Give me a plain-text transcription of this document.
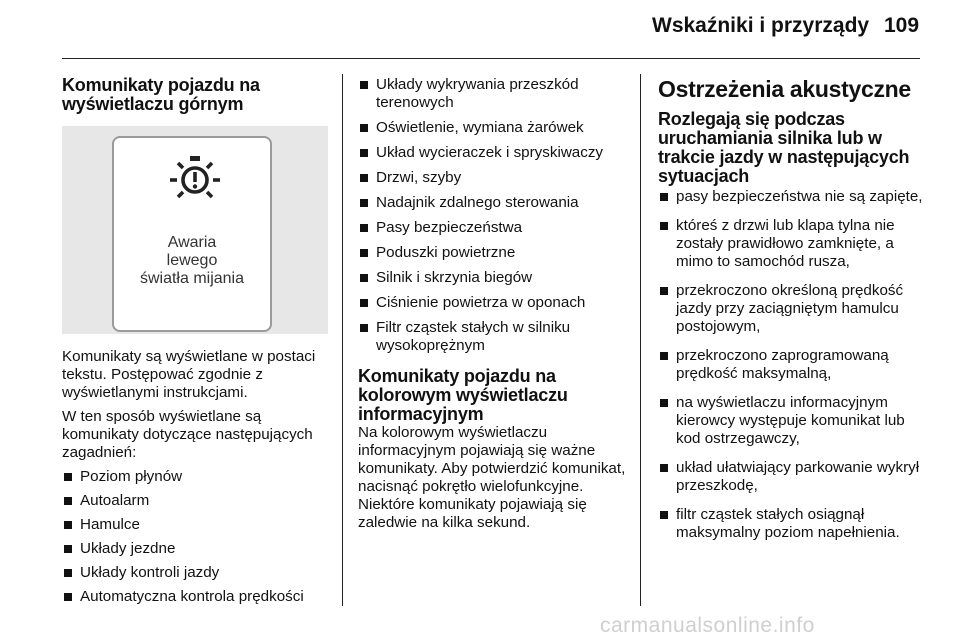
Wskaźniki i przyrządy 109
Komunikaty pojazdu na wyświetlaczu górnym
Awaria
lewego
światła mijania

Komunikaty są wyświetlane w postaci tekstu. Postępować zgodnie z wyświetlanymi instrukcjami.

W ten sposób wyświetlane są komunikaty dotyczące następujących zagadnień:

Poziom płynów
Autoalarm
Hamulce
Układy jezdne
Układy kontroli jazdy
Automatyczna kontrola prędkości
Układy wykrywania przeszkód terenowych
Oświetlenie, wymiana żarówek
Układ wycieraczek i spryskiwaczy
Drzwi, szyby
Nadajnik zdalnego sterowania
Pasy bezpieczeństwa
Poduszki powietrzne
Silnik i skrzynia biegów
Ciśnienie powietrza w oponach
Filtr cząstek stałych w silniku wysokoprężnym
Komunikaty pojazdu na kolorowym wyświetlaczu informacyjnym

Na kolorowym wyświetlaczu informacyjnym pojawiają się ważne komunikaty. Aby potwierdzić komunikat, nacisnąć pokrętło wielofunkcyjne. Niektóre komunikaty pojawiają się zaledwie na kilka sekund.

Ostrzeżenia akustyczne
Rozlegają się podczas uruchamiania silnika lub w trakcie jazdy w następujących sytuacjach
pasy bezpieczeństwa nie są zapięte,
któreś z drzwi lub klapa tylna nie zostały prawidłowo zamknięte, a mimo to samochód rusza,
przekroczono określoną prędkość jazdy przy zaciągniętym hamulcu postojowym,
przekroczono zaprogramowaną prędkość maksymalną,
na wyświetlaczu informacyjnym kierowcy występuje komunikat lub kod ostrzegawczy,
układ ułatwiający parkowanie wykrył przeszkodę,
filtr cząstek stałych osiągnął maksymalny poziom napełnienia.
carmanualsonline.info
